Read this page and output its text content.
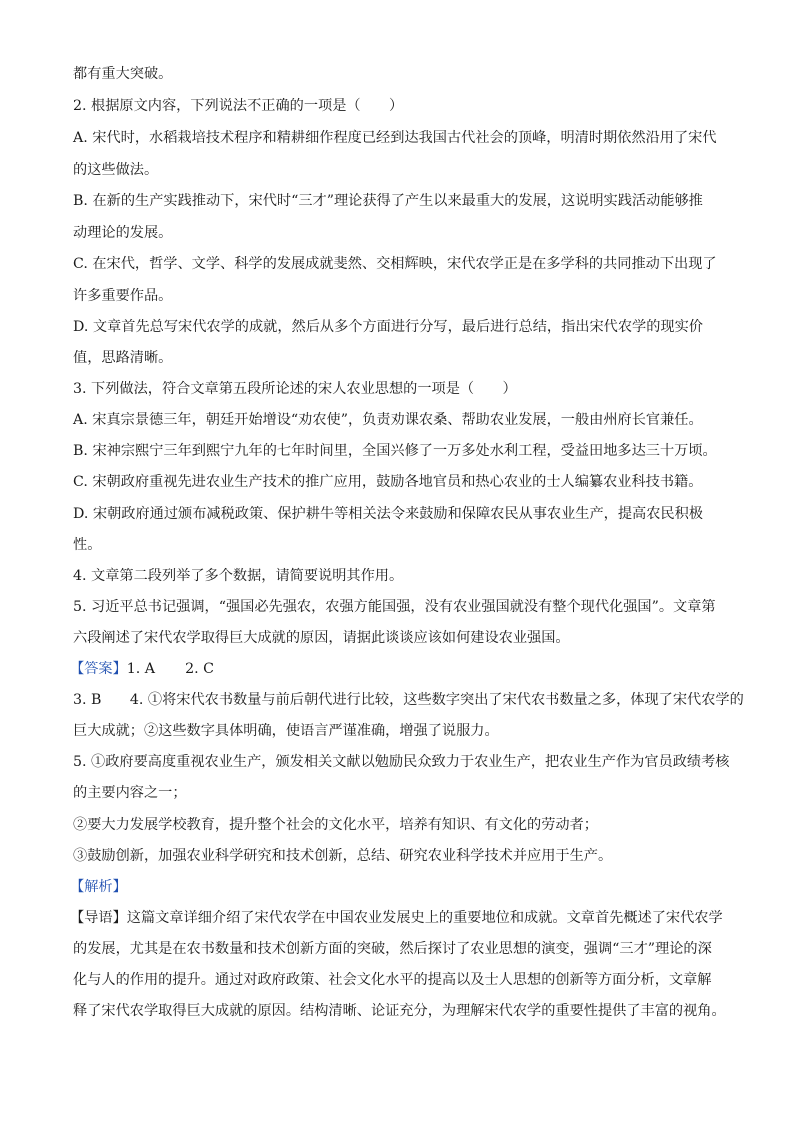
都有重大突破。
2. 根据原文内容，下列说法不正确的一项是（　　）
A. 宋代时，水稻栽培技术程序和精耕细作程度已经到达我国古代社会的顶峰，明清时期依然沿用了宋代
的这些做法。
B. 在新的生产实践推动下，宋代时“三才”理论获得了产生以来最重大的发展，这说明实践活动能够推
动理论的发展。
C. 在宋代，哲学、文学、科学的发展成就斐然、交相辉映，宋代农学正是在多学科的共同推动下出现了
许多重要作品。
D. 文章首先总写宋代农学的成就，然后从多个方面进行分写，最后进行总结，指出宋代农学的现实价
值，思路清晰。
3. 下列做法，符合文章第五段所论述的宋人农业思想的一项是（　　）
A. 宋真宗景德三年，朝廷开始增设“劝农使”，负责劝课农桑、帮助农业发展，一般由州府长官兼任。
B. 宋神宗熙宁三年到熙宁九年的七年时间里，全国兴修了一万多处水利工程，受益田地多达三十万顷。
C. 宋朝政府重视先进农业生产技术的推广应用，鼓励各地官员和热心农业的士人编纂农业科技书籍。
D. 宋朝政府通过颁布减税政策、保护耕牛等相关法令来鼓励和保障农民从事农业生产，提高农民积极
性。
4. 文章第二段列举了多个数据，请简要说明其作用。
5. 习近平总书记强调，“强国必先强农，农强方能国强，没有农业强国就没有整个现代化强国”。文章第
六段阐述了宋代农学取得巨大成就的原因，请据此谈谈应该如何建设农业强国。
【答案】1. A 2. C
3. B　　4. ①将宋代农书数量与前后朝代进行比较，这些数字突出了宋代农书数量之多，体现了宋代农学的
巨大成就；②这些数字具体明确，使语言严谨准确，增强了说服力。
5. ①政府要高度重视农业生产，颁发相关文献以勉励民众致力于农业生产，把农业生产作为官员政绩考核
的主要内容之一；
②要大力发展学校教育，提升整个社会的文化水平，培养有知识、有文化的劳动者；
③鼓励创新，加强农业科学研究和技术创新，总结、研究农业科学技术并应用于生产。
【解析】
【导语】这篇文章详细介绍了宋代农学在中国农业发展史上的重要地位和成就。文章首先概述了宋代农学
的发展，尤其是在农书数量和技术创新方面的突破，然后探讨了农业思想的演变，强调“三才”理论的深
化与人的作用的提升。通过对政府政策、社会文化水平的提高以及士人思想的创新等方面分析，文章解
释了宋代农学取得巨大成就的原因。结构清晰、论证充分，为理解宋代农学的重要性提供了丰富的视角。
